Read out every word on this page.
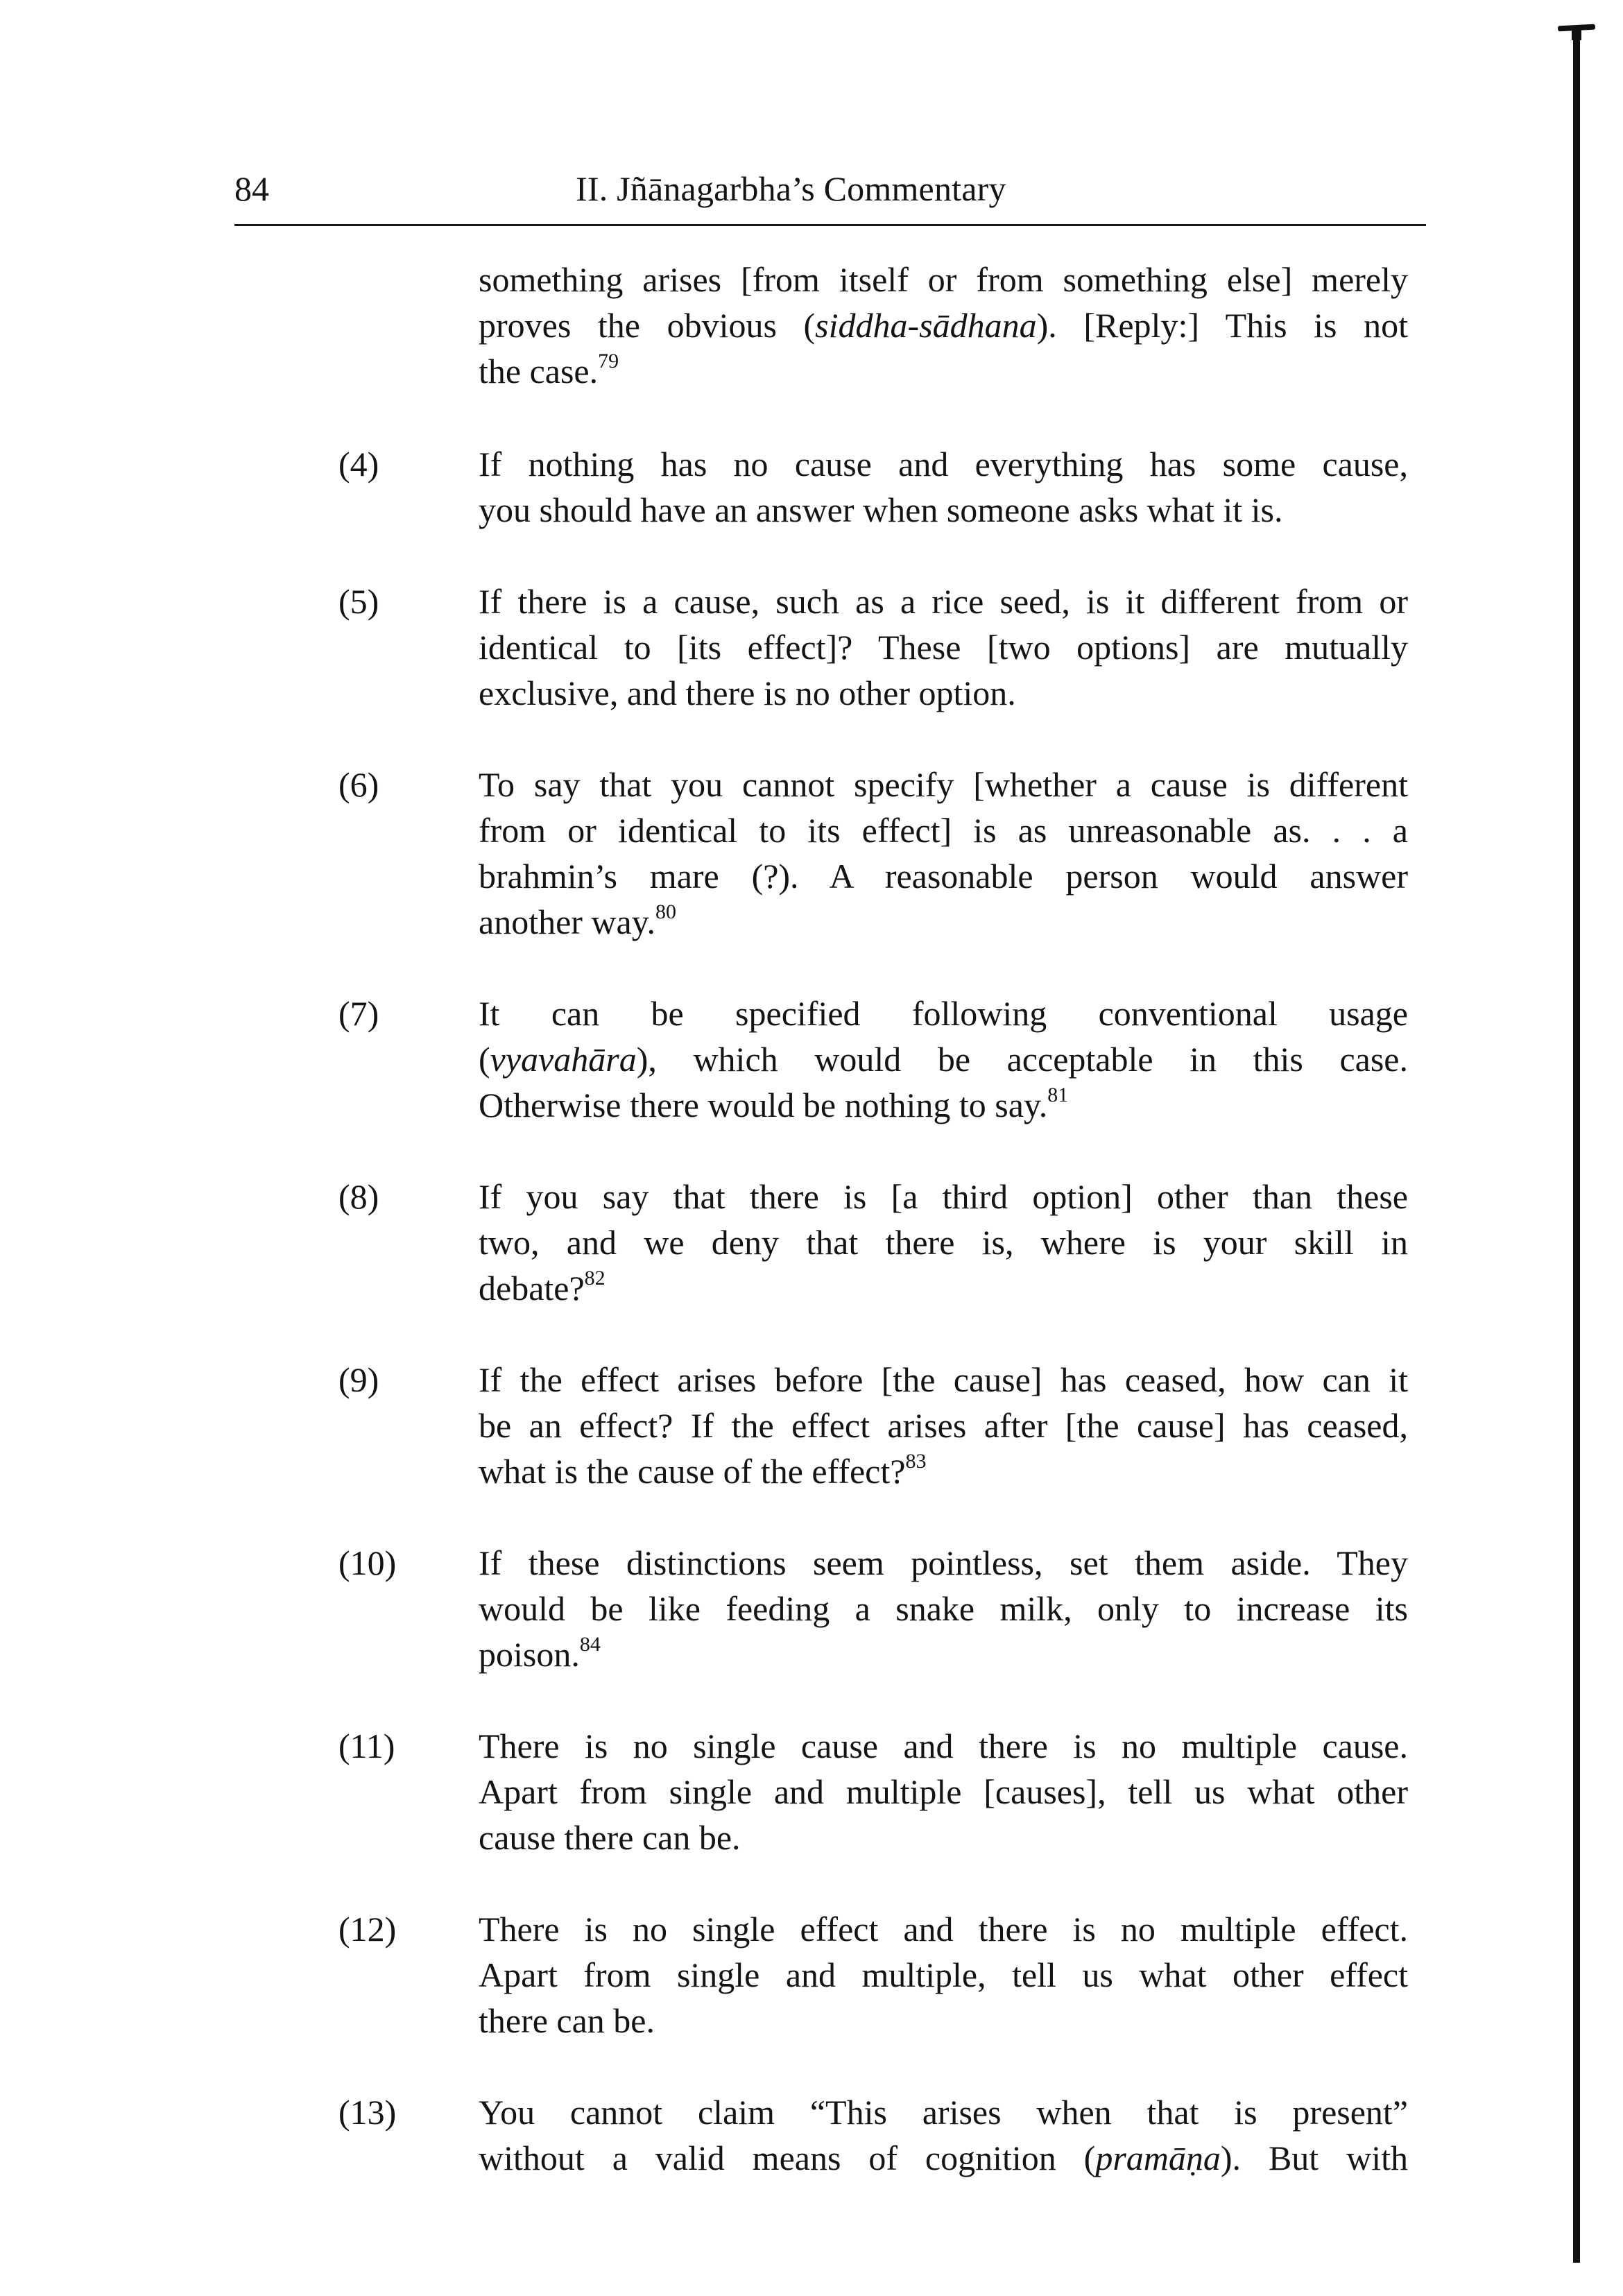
84	II. Jñānagarbha’s Commentary
something arises [from itself or from something else] merely
proves the obvious (siddha-sādhana). [Reply:] This is not
the case.$^{79}$
(4)	If nothing has no cause and everything has some cause,
you should have an answer when someone asks what it is.
(5)	If there is a cause, such as a rice seed, is it different from or
identical to [its effect]? These [two options] are mutually
exclusive, and there is no other option.
(6)	To say that you cannot specify [whether a cause is different
from or identical to its effect] is as unreasonable as. . . a
brahmin’s mare (?). A reasonable person would answer
another way.$^{80}$
(7)	It can be specified following conventional usage
(vyavahāra), which would be acceptable in this case.
Otherwise there would be nothing to say.$^{81}$
(8)	If you say that there is [a third option] other than these
two, and we deny that there is, where is your skill in
debate?$^{82}$
(9)	If the effect arises before [the cause] has ceased, how can it
be an effect? If the effect arises after [the cause] has ceased,
what is the cause of the effect?$^{83}$
(10) If these distinctions seem pointless, set them aside. They
would be like feeding a snake milk, only to increase its
poison.$^{84}$
(11) There is no single cause and there is no multiple cause.
Apart from single and multiple [causes], tell us what other
cause there can be.
(12) There is no single effect and there is no multiple effect.
Apart from single and multiple, tell us what other effect
there can be.
(13) You cannot claim “This arises when that is present”
without a valid means of cognition (pramāṇa). But with
